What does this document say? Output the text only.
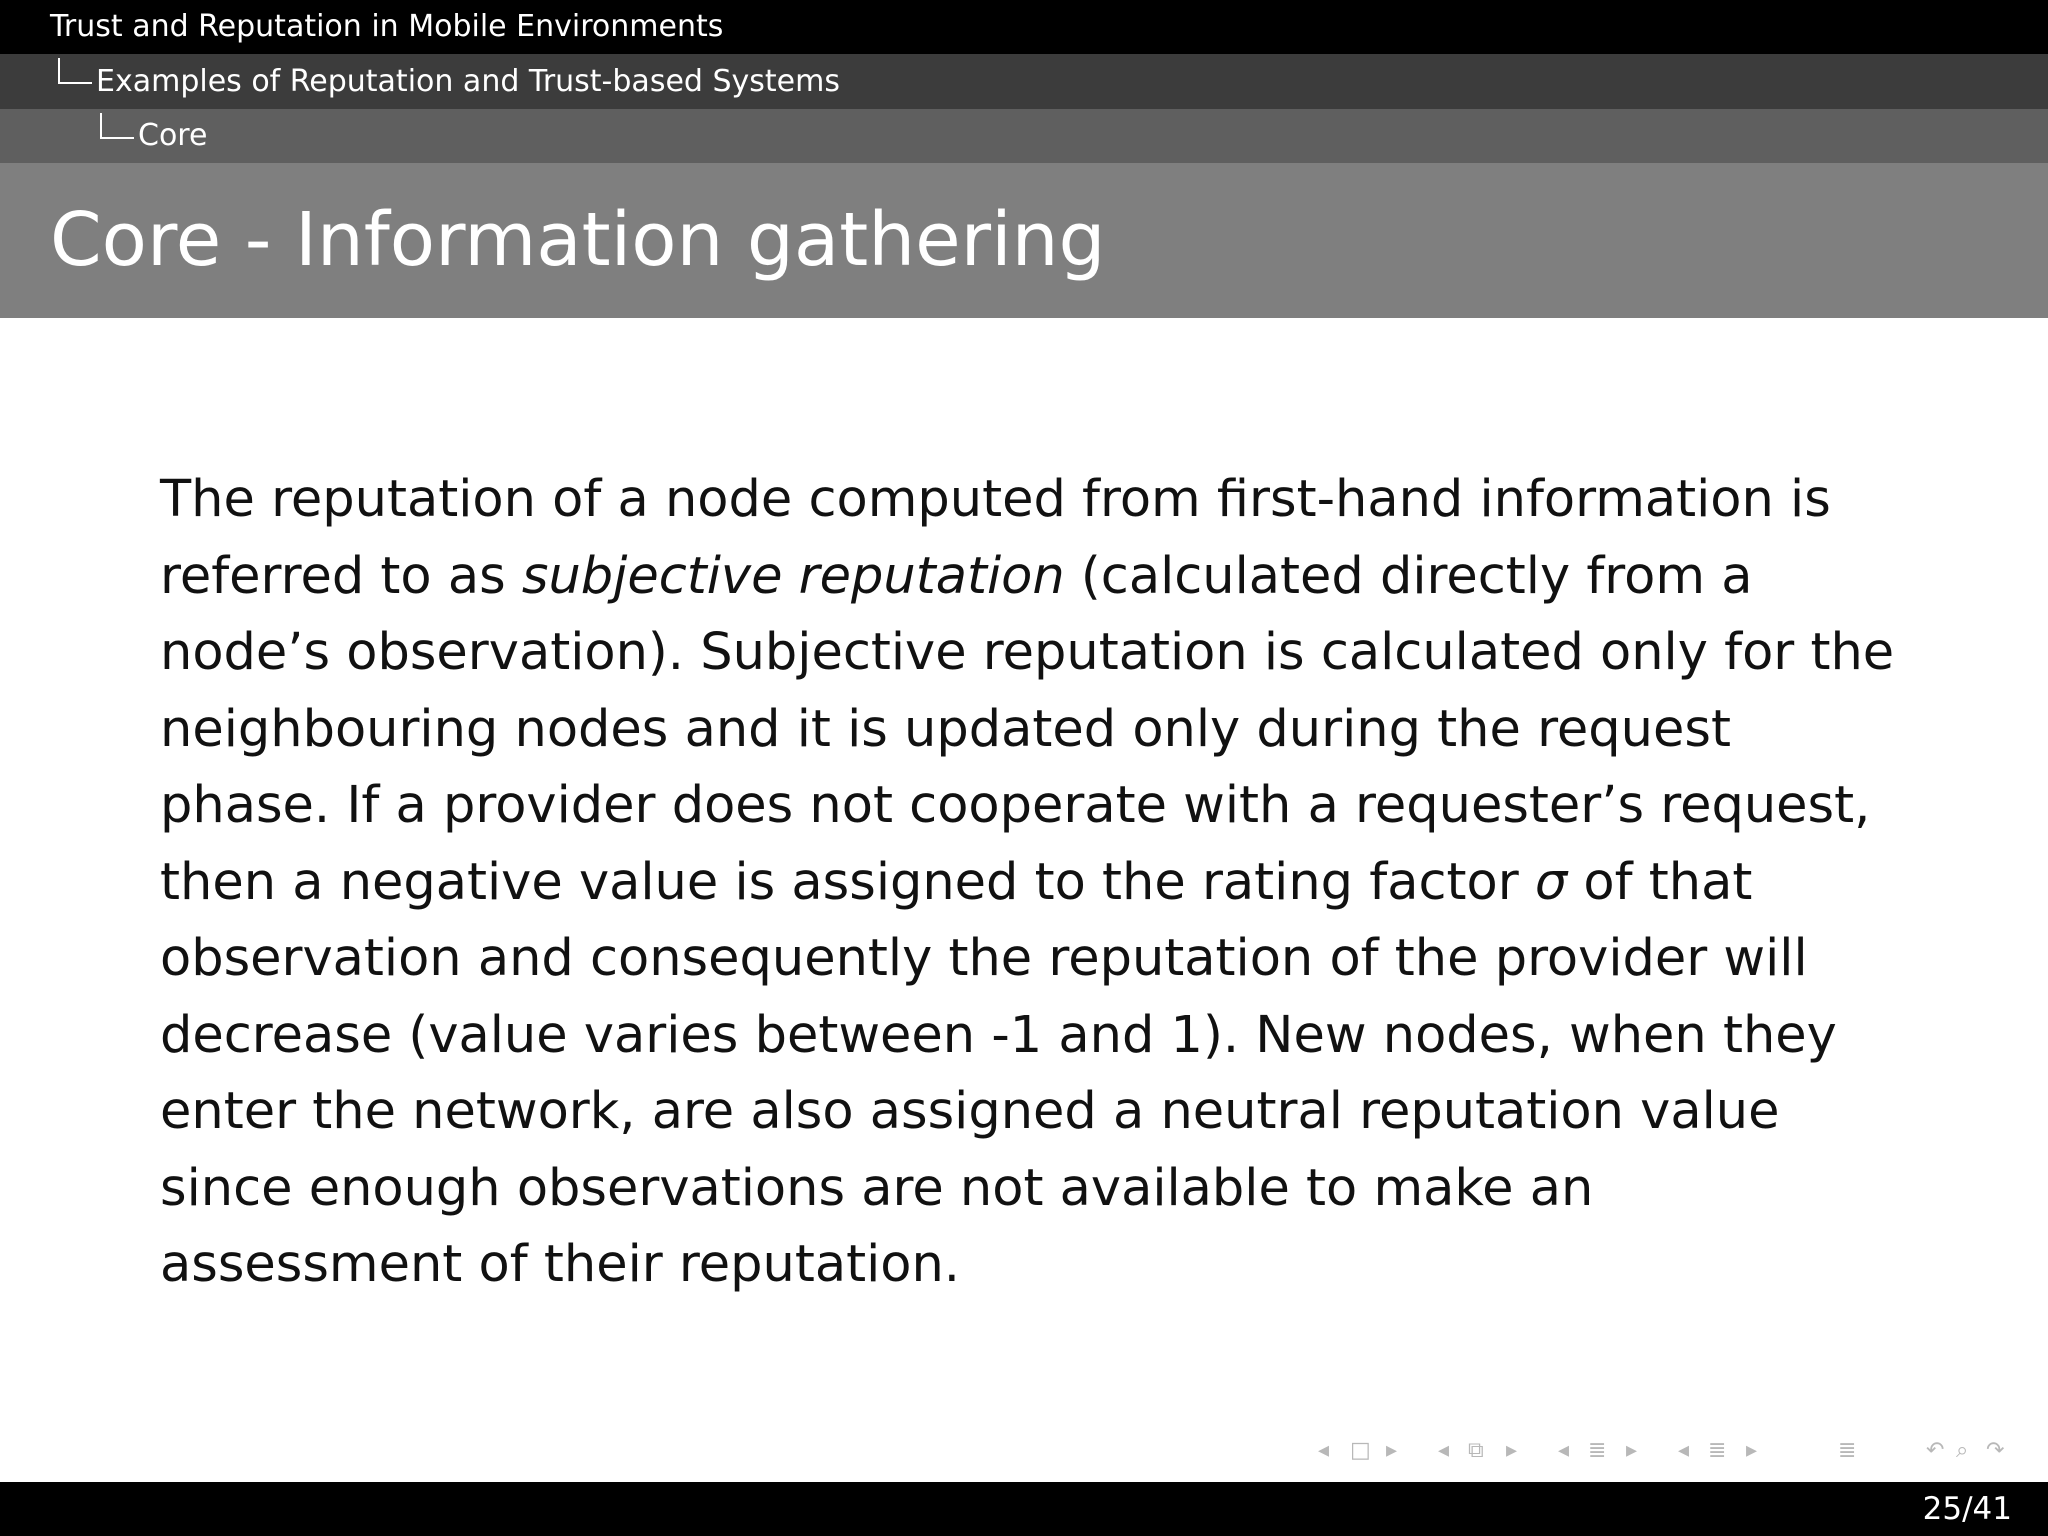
Trust and Reputation in Mobile Environments
Examples of Reputation and Trust-based Systems
Core
Core - Information gathering

The reputation of a node computed from first-hand information is referred to as subjective reputation (calculated directly from a node’s observation). Subjective reputation is calculated only for the neighbouring nodes and it is updated only during the request phase. If a provider does not cooperate with a requester’s request, then a negative value is assigned to the rating factor σ of that observation and consequently the reputation of the provider will decrease (value varies between -1 and 1). New nodes, when they enter the network, are also assigned a neutral reputation value since enough observations are not available to make an assessment of their reputation.

◂ □ ▸ ◂ ⧉ ▸ ◂ ≣ ▸ ◂ ≣ ▸	≣	↶ ⌕ ↷
25/41
